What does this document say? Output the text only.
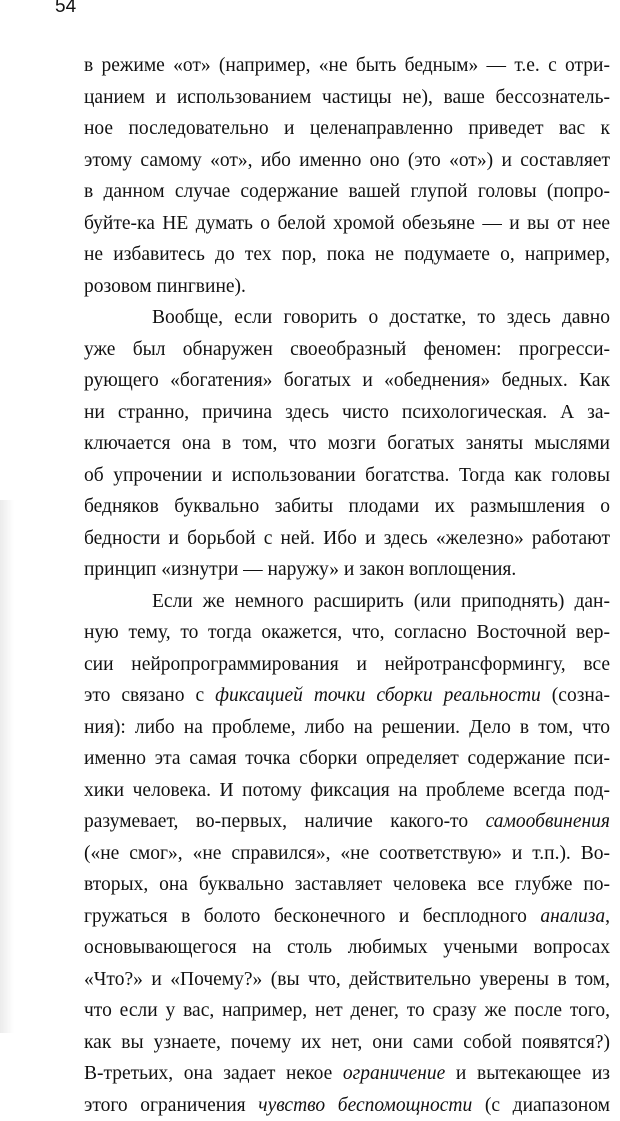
54
в режиме «от» (например, «не быть бедным» — т.е. с отри-
цанием и использованием частицы не), ваше бессознатель-
ное последовательно и целенаправленно приведет вас к
этому самому «от», ибо именно оно (это «от») и составляет
в данном случае содержание вашей глупой головы (попро-
буйте-ка НЕ думать о белой хромой обезьяне — и вы от нее
не избавитесь до тех пор, пока не подумаете о, например,
розовом пингвине).
Вообще, если говорить о достатке, то здесь давно
уже был обнаружен своеобразный феномен: прогресси-
рующего «богатения» богатых и «обеднения» бедных. Как
ни странно, причина здесь чисто психологическая. А за-
ключается она в том, что мозги богатых заняты мыслями
об упрочении и использовании богатства. Тогда как головы
бедняков буквально забиты плодами их размышления о
бедности и борьбой с ней. Ибо и здесь «железно» работают
принцип «изнутри — наружу» и закон воплощения.
Если же немного расширить (или приподнять) дан-
ную тему, то тогда окажется, что, согласно Восточной вер-
сии нейропрограммирования и нейротрансформингу, все
это связано с фиксацией точки сборки реальности (созна-
ния): либо на проблеме, либо на решении. Дело в том, что
именно эта самая точка сборки определяет содержание пси-
хики человека. И потому фиксация на проблеме всегда под-
разумевает, во-первых, наличие какого-то самообвинения
(«не смог», «не справился», «не соответствую» и т.п.). Во-
вторых, она буквально заставляет человека все глубже по-
гружаться в болото бесконечного и бесплодного анализа,
основывающегося на столь любимых учеными вопросах
«Что?» и «Почему?» (вы что, действительно уверены в том,
что если у вас, например, нет денег, то сразу же после того,
как вы узнаете, почему их нет, они сами собой появятся?)
В-третьих, она задает некое ограничение и вытекающее из
этого ограничения чувство беспомощности (с диапазоном
